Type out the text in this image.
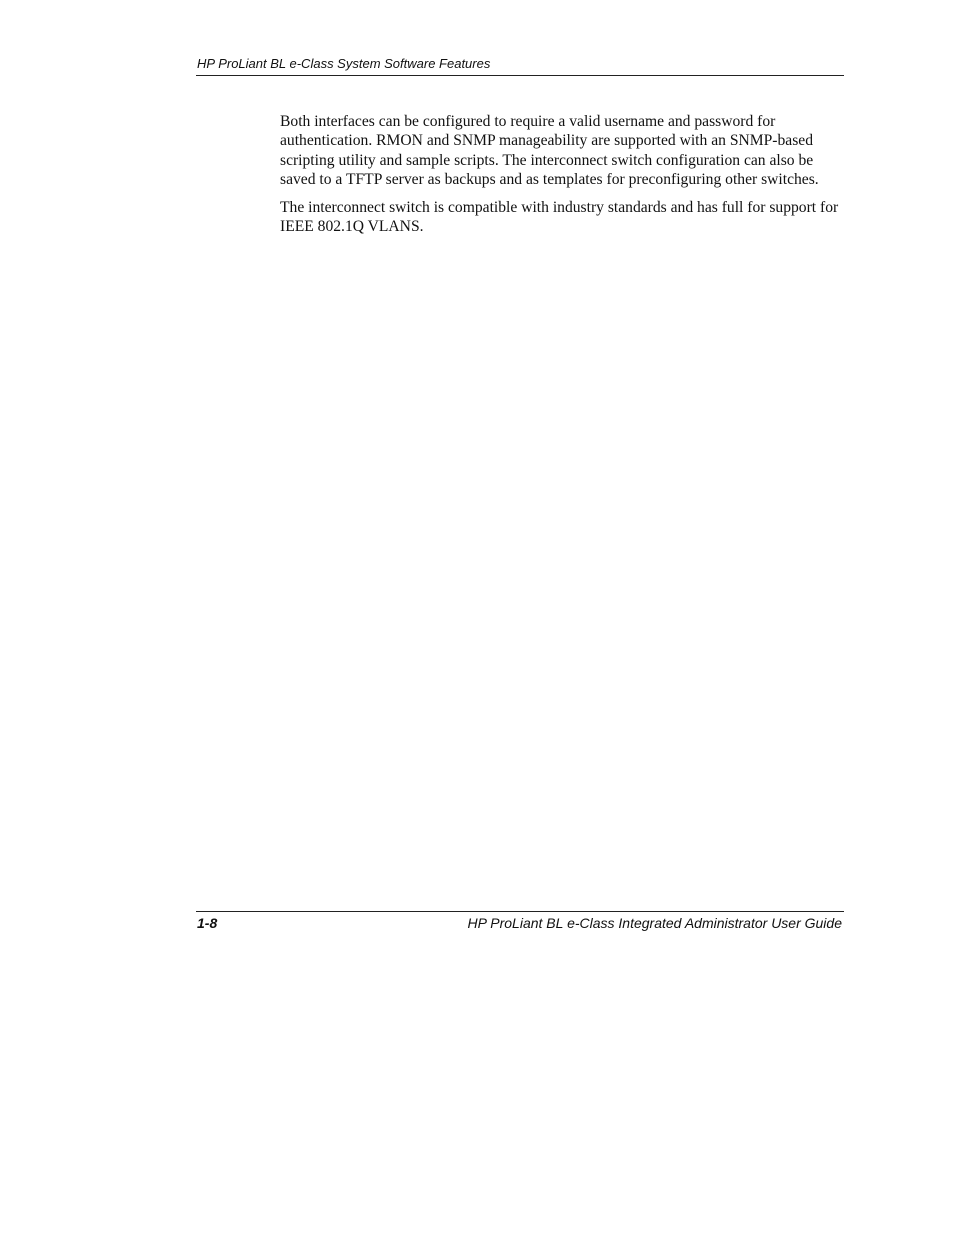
HP ProLiant BL e-Class System Software Features

Both interfaces can be configured to require a valid username and password for authentication. RMON and SNMP manageability are supported with an SNMP-based scripting utility and sample scripts. The interconnect switch configuration can also be saved to a TFTP server as backups and as templates for preconfiguring other switches.

The interconnect switch is compatible with industry standards and has full for support for IEEE 802.1Q VLANS.

1-8	HP ProLiant BL e-Class Integrated Administrator User Guide
